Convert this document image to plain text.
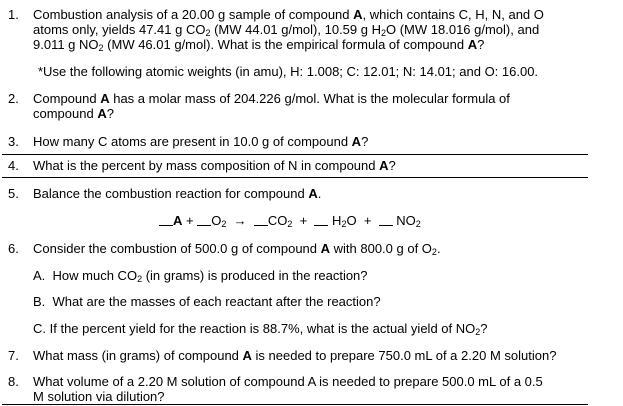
1. Combustion analysis of a 20.00 g sample of compound A, which contains C, H, N, and O
atoms only, yields 47.41 g $CO_2$ (MW 44.01 g/mol), 10.59 g $H_2O$ (MW 18.016 g/mol), and
9.011 g $NO_2$ (MW 46.01 g/mol). What is the empirical formula of compound A?
*Use the following atomic weights (in amu), H: 1.008; C: 12.01; N: 14.01; and O: 16.00.
2. Compound A has a molar mass of 204.226 g/mol. What is the molecular formula of
compound A?
3. How many C atoms are present in 10.0 g of compound A?
4. What is the percent by mass composition of N in compound A?
5. Balance the combustion reaction for compound A.
$A + O_2 \to CO_2 + H_2O + NO_2$
6. Consider the combustion of 500.0 g of compound A with 800.0 g of $O_2$.
A. How much $CO_2$ (in grams) is produced in the reaction?
B. What are the masses of each reactant after the reaction?
C. If the percent yield for the reaction is 88.7%, what is the actual yield of $NO_2$?
7. What mass (in grams) of compound A is needed to prepare 750.0 mL of a 2.20 M solution?
8. What volume of a 2.20 M solution of compound A is needed to prepare 500.0 mL of a 0.5
M solution via dilution?
